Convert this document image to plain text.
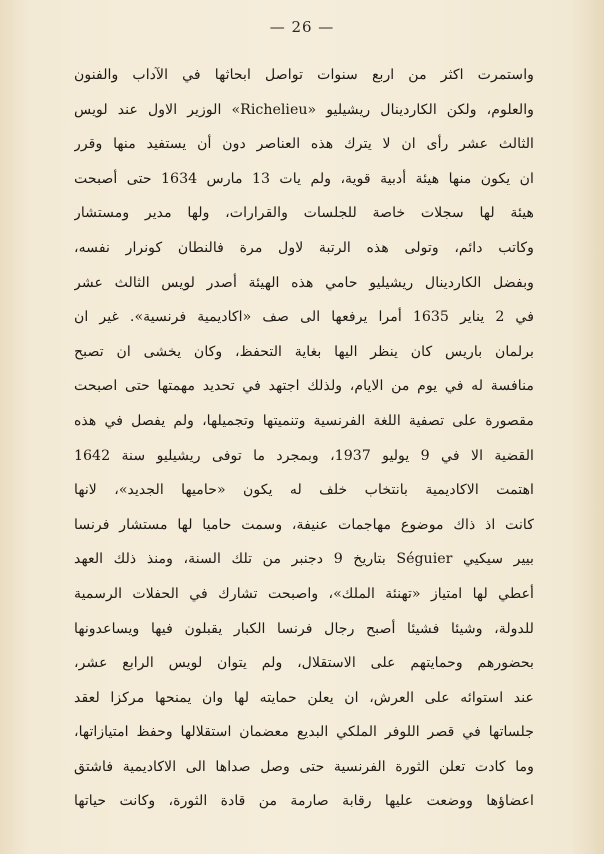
— 26 —
واستمرت اكثر من اربع سنوات تواصل ابحاثها في الآداب والفنون
والعلوم، ولكن الكاردينال ريشيليو «Richelieu» الوزير الاول عند لويس
الثالث عشر رأى ان لا يترك هذه العناصر دون أن يستفيد منها وقرر
ان يكون منها هيئة أدبية قوية، ولم يات 13 مارس 1634 حتى أصبحت
هيئة لها سجلات خاصة للجلسات والقرارات، ولها مدير ومستشار
وكاتب دائم، وتولى هذه الرتبة لاول مرة فالنطان كونرار نفسه،
وبفضل الكاردينال ريشيليو حامي هذه الهيئة أصدر لويس الثالث عشر
في 2 يناير 1635 أمرا يرفعها الى صف «اكاديمية فرنسية». غير ان
برلمان باريس كان ينظر اليها بغاية التحفظ، وكان يخشى ان تصبح
منافسة له في يوم من الايام، ولذلك اجتهد في تحديد مهمتها حتى اصبحت
مقصورة على تصفية اللغة الفرنسية وتنميتها وتجميلها، ولم يفصل في هذه
القضية الا في 9 يوليو 1937، وبمجرد ما توفى ريشيليو سنة 1642
اهتمت الاكاديمية بانتخاب خلف له يكون «حاميها الجديد»، لانها
كانت اذ ذاك موضوع مهاجمات عنيفة، وسمت حاميا لها مستشار فرنسا
بيير سيكيي Séguier بتاريخ 9 دجنبر من تلك السنة، ومنذ ذلك العهد
أعطي لها امتياز «تهنئة الملك»، واصبحت تشارك في الحفلات الرسمية
للدولة، وشيئا فشيئا أصبح رجال فرنسا الكبار يقبلون فيها ويساعدونها
بحضورهم وحمايتهم على الاستقلال، ولم يتوان لويس الرابع عشر،
عند استوائه على العرش، ان يعلن حمايته لها وان يمنحها مركزا لعقد
جلساتها في قصر اللوفر الملكي البديع معضمان استقلالها وحفظ امتيازاتها،
وما كادت تعلن الثورة الفرنسية حتى وصل صداها الى الاكاديمية فاشتق
اعضاؤها ووضعت عليها رقابة صارمة من قادة الثورة، وكانت حياتها
